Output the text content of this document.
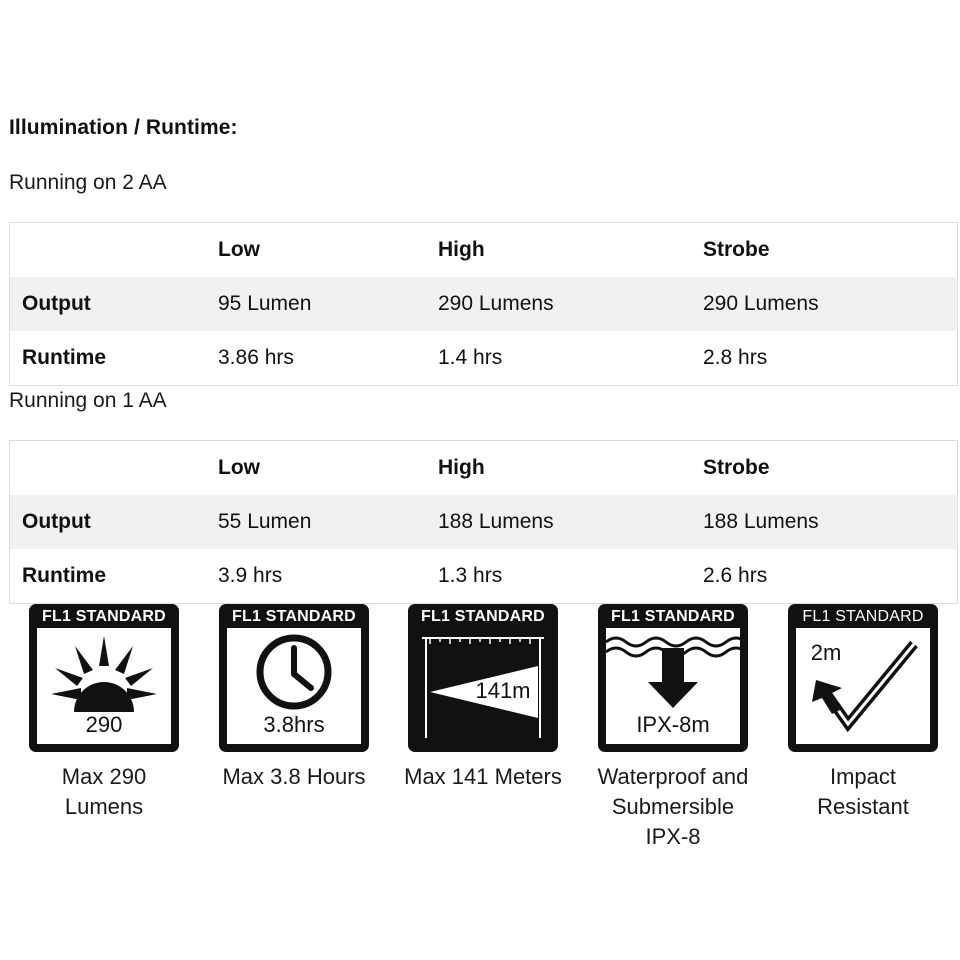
Illumination / Runtime:
Running on 2 AA
	Low	High	Strobe
Output	95 Lumen	290 Lumens	290 Lumens
Runtime	3.86 hrs	1.4 hrs	2.8 hrs
Running on 1 AA
	Low	High	Strobe
Output	55 Lumen	188 Lumens	188 Lumens
Runtime	3.9 hrs	1.3 hrs	2.6 hrs
FL1 STANDARD
290
Max 290
Lumens
FL1 STANDARD
3.8hrs
Max 3.8 Hours
FL1 STANDARD
141m
Max 141 Meters
FL1 STANDARD
IPX-8m
Waterproof and
Submersible
IPX-8
FL1 STANDARD
2m
Impact
Resistant
